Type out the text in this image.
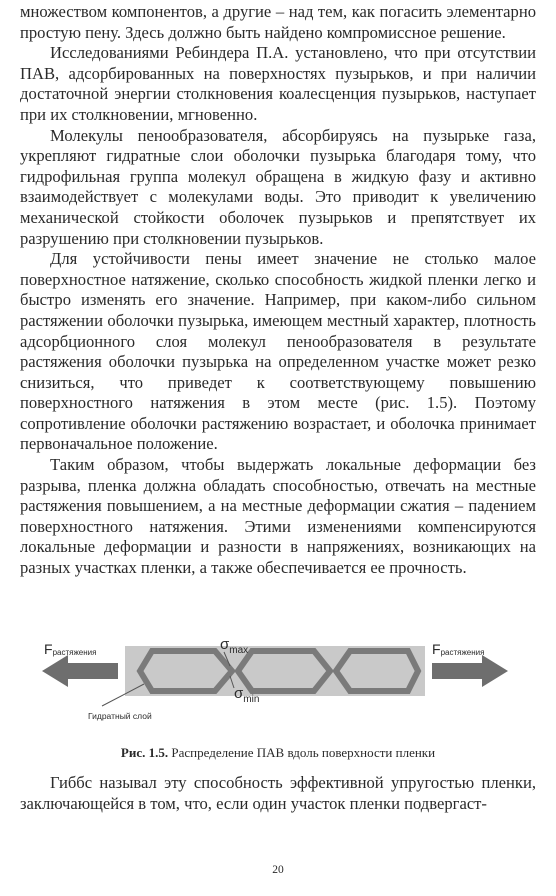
множеством компонентов, а другие – над тем, как погасить элементарно простую пену. Здесь должно быть найдено компромиссное решение.

Исследованиями Ребиндера П.А. установлено, что при отсутствии ПАВ, адсорбированных на поверхностях пузырьков, и при наличии достаточной энергии столкновения коалесценция пузырьков, наступает при их столкновении, мгновенно.

Молекулы пенообразователя, абсорбируясь на пузырьке газа, укрепляют гидратные слои оболочки пузырька благодаря тому, что гидрофильная группа молекул обращена в жидкую фазу и активно взаимодействует с молекулами воды. Это приводит к увеличению механической стойкости оболочек пузырьков и препятствует их разрушению при столкновении пузырьков.

Для устойчивости пены имеет значение не столько малое поверхностное натяжение, сколько способность жидкой пленки легко и быстро изменять его значение. Например, при каком-либо сильном растяжении оболочки пузырька, имеющем местный характер, плотность адсорбционного слоя молекул пенообразователя в результате растяжения оболочки пузырька на определенном участке может резко снизиться, что приведет к соответствующему повышению поверхностного натяжения в этом месте (рис. 1.5). Поэтому сопротивление оболочки растяжению возрастает, и оболочка принимает первоначальное положение.

Таким образом, чтобы выдержать локальные деформации без разрыва, пленка должна обладать способностью, отвечать на местные растяжения повышением, а на местные деформации сжатия – падением поверхностного натяжения. Этими изменениями компенсируются локальные деформации и разности в напряжениях, возникающих на разных участках пленки, а также обеспечивается ее прочность.

Fрастяжения	Fрастяжения
$\sigma_{max}$
$\sigma_{min}$
Гидратный слой
Рис. 1.5. Распределение ПАВ вдоль поверхности пленки

Гиббс называл эту способность эффективной упругостью пленки, заключающейся в том, что, если один участок пленки подвергаст-

20
